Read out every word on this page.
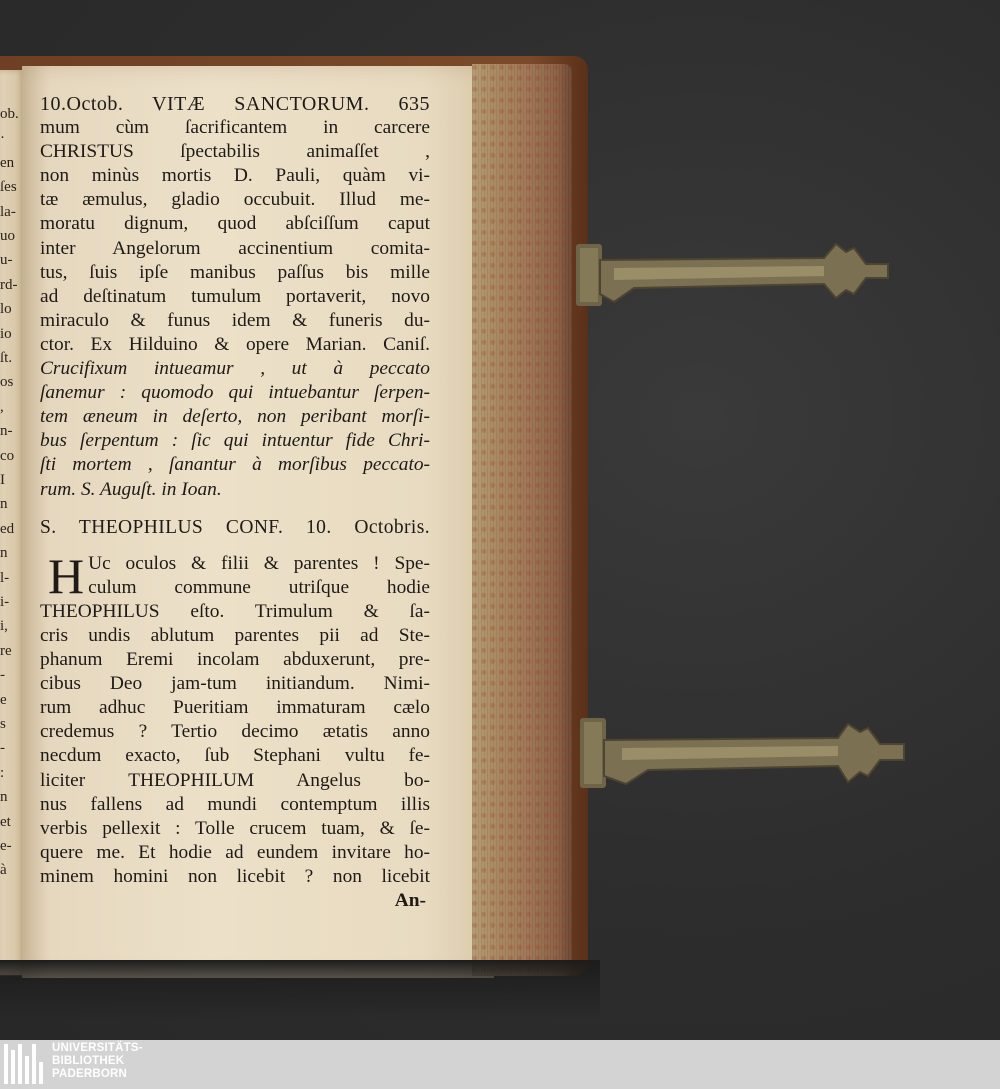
ob.
·
en
ſes
la-
uo
u-
rd-
lo
io
ſt.
os
,
n-
co
I
n
ed
n
l-
i-
i,
re
-
e
s
-
:
n
et
e-
à
10.Octob. VITÆ SANCTORUM. 635
mum cùm ſacrificantem in carcere
CHRISTUS ſpectabilis animaſſet ,
non minùs mortis D. Pauli, quàm vi-
tæ æmulus, gladio occubuit. Illud me-
moratu dignum, quod abſciſſum caput
inter Angelorum accinentium comita-
tus, ſuis ipſe manibus paſſus bis mille
ad deſtinatum tumulum portaverit, novo
miraculo & funus idem & funeris du-
ctor. Ex Hilduino & opere Marian. Caniſ.
Crucifixum intueamur , ut à peccato
ſanemur : quomodo qui intuebantur ſerpen-
tem æneum in deſerto, non peribant morſi-
bus ſerpentum : ſic qui intuentur fide Chri-
ſti mortem , ſanantur à morſibus peccato-
rum. S. Auguſt. in Ioan.
S. THEOPHILUS CONF. 10. Octobris.
H Uc oculos & filii & parentes ! Spe-
culum commune utriſque hodie
THEOPHILUS eſto. Trimulum & ſa-
cris undis ablutum parentes pii ad Ste-
phanum Eremi incolam abduxerunt, pre-
cibus Deo jam-tum initiandum. Nimi-
rum adhuc Pueritiam immaturam cælo
credemus ? Tertio decimo ætatis anno
necdum exacto, ſub Stephani vultu fe-
liciter THEOPHILUM Angelus bo-
nus fallens ad mundi contemptum illis
verbis pellexit : Tolle crucem tuam, & ſe-
quere me. Et hodie ad eundem invitare ho-
minem homini non licebit ? non licebit
An-
UNIVERSITÄTS-
BIBLIOTHEK
PADERBORN
